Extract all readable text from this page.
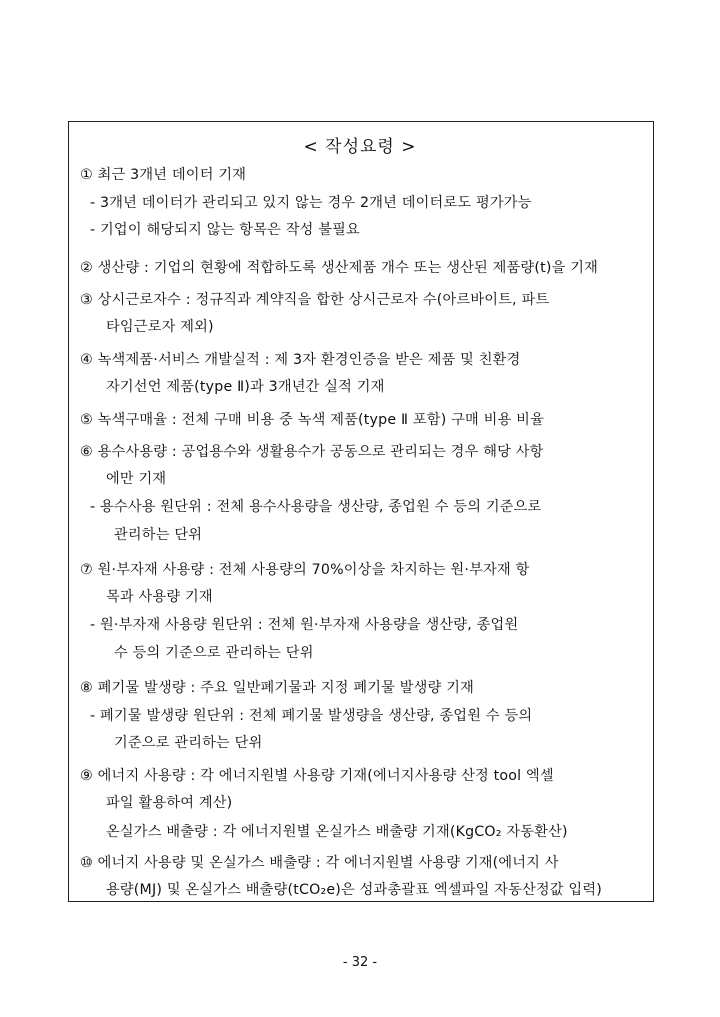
< 작성요령 >
① 최근 3개년 데이터 기재
- 3개년 데이터가 관리되고 있지 않는 경우 2개년 데이터로도 평가가능
- 기업이 해당되지 않는 항목은 작성 불필요
② 생산량 : 기업의 현황에 적합하도록 생산제품 개수 또는 생산된 제품량(t)을 기재
③ 상시근로자수 : 정규직과 계약직을 합한 상시근로자 수(아르바이트, 파트
타임근로자 제외)
④ 녹색제품·서비스 개발실적 : 제 3자 환경인증을 받은 제품 및 친환경
자기선언 제품(type Ⅱ)과 3개년간 실적 기재
⑤ 녹색구매율 : 전체 구매 비용 중 녹색 제품(type Ⅱ 포함) 구매 비용 비율
⑥ 용수사용량 : 공업용수와 생활용수가 공동으로 관리되는 경우 해당 사항
에만 기재
- 용수사용 원단위 : 전체 용수사용량을 생산량, 종업원 수 등의 기준으로
관리하는 단위
⑦ 원·부자재 사용량 : 전체 사용량의 70%이상을 차지하는 원·부자재 항
목과 사용량 기재
- 원·부자재 사용량 원단위 : 전체 원·부자재 사용량을 생산량, 종업원
수 등의 기준으로 관리하는 단위
⑧ 폐기물 발생량 : 주요 일반폐기물과 지정 폐기물 발생량 기재
- 폐기물 발생량 원단위 : 전체 폐기물 발생량을 생산량, 종업원 수 등의
기준으로 관리하는 단위
⑨ 에너지 사용량 : 각 에너지원별 사용량 기재(에너지사용량 산정 tool 엑셀
파일 활용하여 계산)
온실가스 배출량 : 각 에너지원별 온실가스 배출량 기재(KgCO₂ 자동환산)
⑩ 에너지 사용량 및 온실가스 배출량 : 각 에너지원별 사용량 기재(에너지 사
용량(MJ) 및 온실가스 배출량(tCO₂e)은 성과총괄표 엑셀파일 자동산정값 입력)
- 32 -
